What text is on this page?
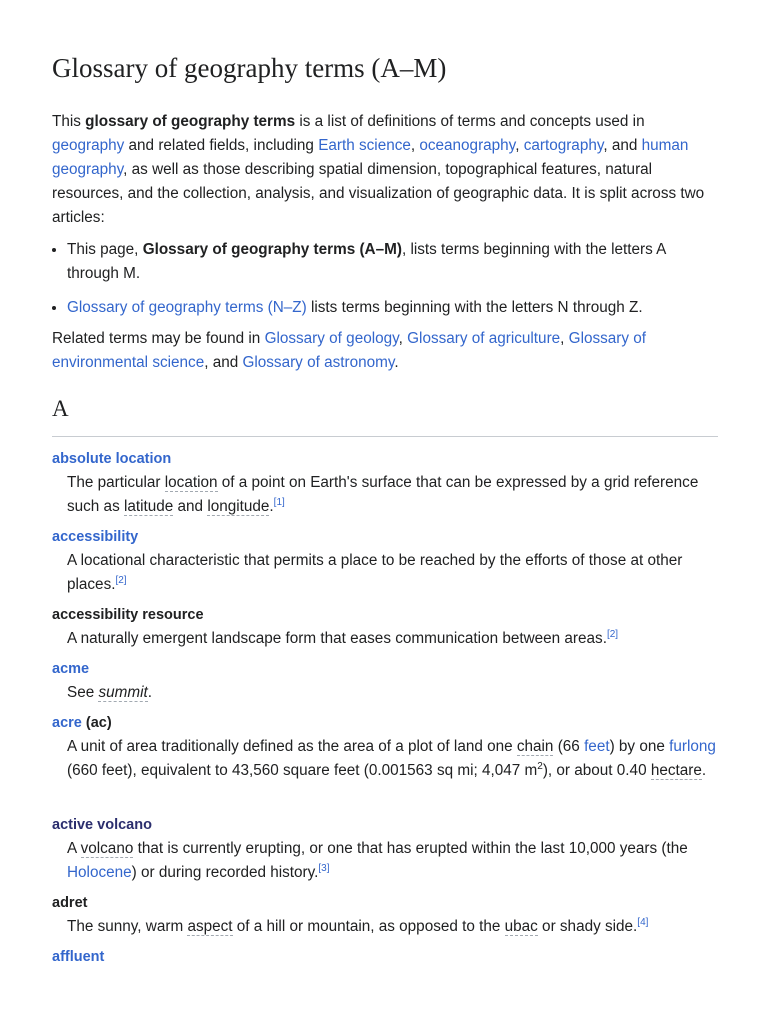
Glossary of geography terms (A–M)

This glossary of geography terms is a list of definitions of terms and concepts used in geography and related fields, including Earth science, oceanography, cartography, and human geography, as well as those describing spatial dimension, topographical features, natural resources, and the collection, analysis, and visualization of geographic data. It is split across two articles:

• This page, Glossary of geography terms (A–M), lists terms beginning with the letters A through M.
• Glossary of geography terms (N–Z) lists terms beginning with the letters N through Z.

Related terms may be found in Glossary of geology, Glossary of agriculture, Glossary of environmental science, and Glossary of astronomy.

A
absolute location

The particular location of a point on Earth's surface that can be expressed by a grid reference such as latitude and longitude.[1]

accessibility

A locational characteristic that permits a place to be reached by the efforts of those at other places.[2]

accessibility resource

A naturally emergent landscape form that eases communication between areas.[2]

acme

See summit.

acre (ac)

A unit of area traditionally defined as the area of a plot of land one chain (66 feet) by one furlong (660 feet), equivalent to 43,560 square feet (0.001563 sq mi; 4,047 $m^2$), or about 0.40 hectare.

active volcano

A volcano that is currently erupting, or one that has erupted within the last 10,000 years (the Holocene) or during recorded history.[3]

adret

The sunny, warm aspect of a hill or mountain, as opposed to the ubac or shady side.[4]

affluent
